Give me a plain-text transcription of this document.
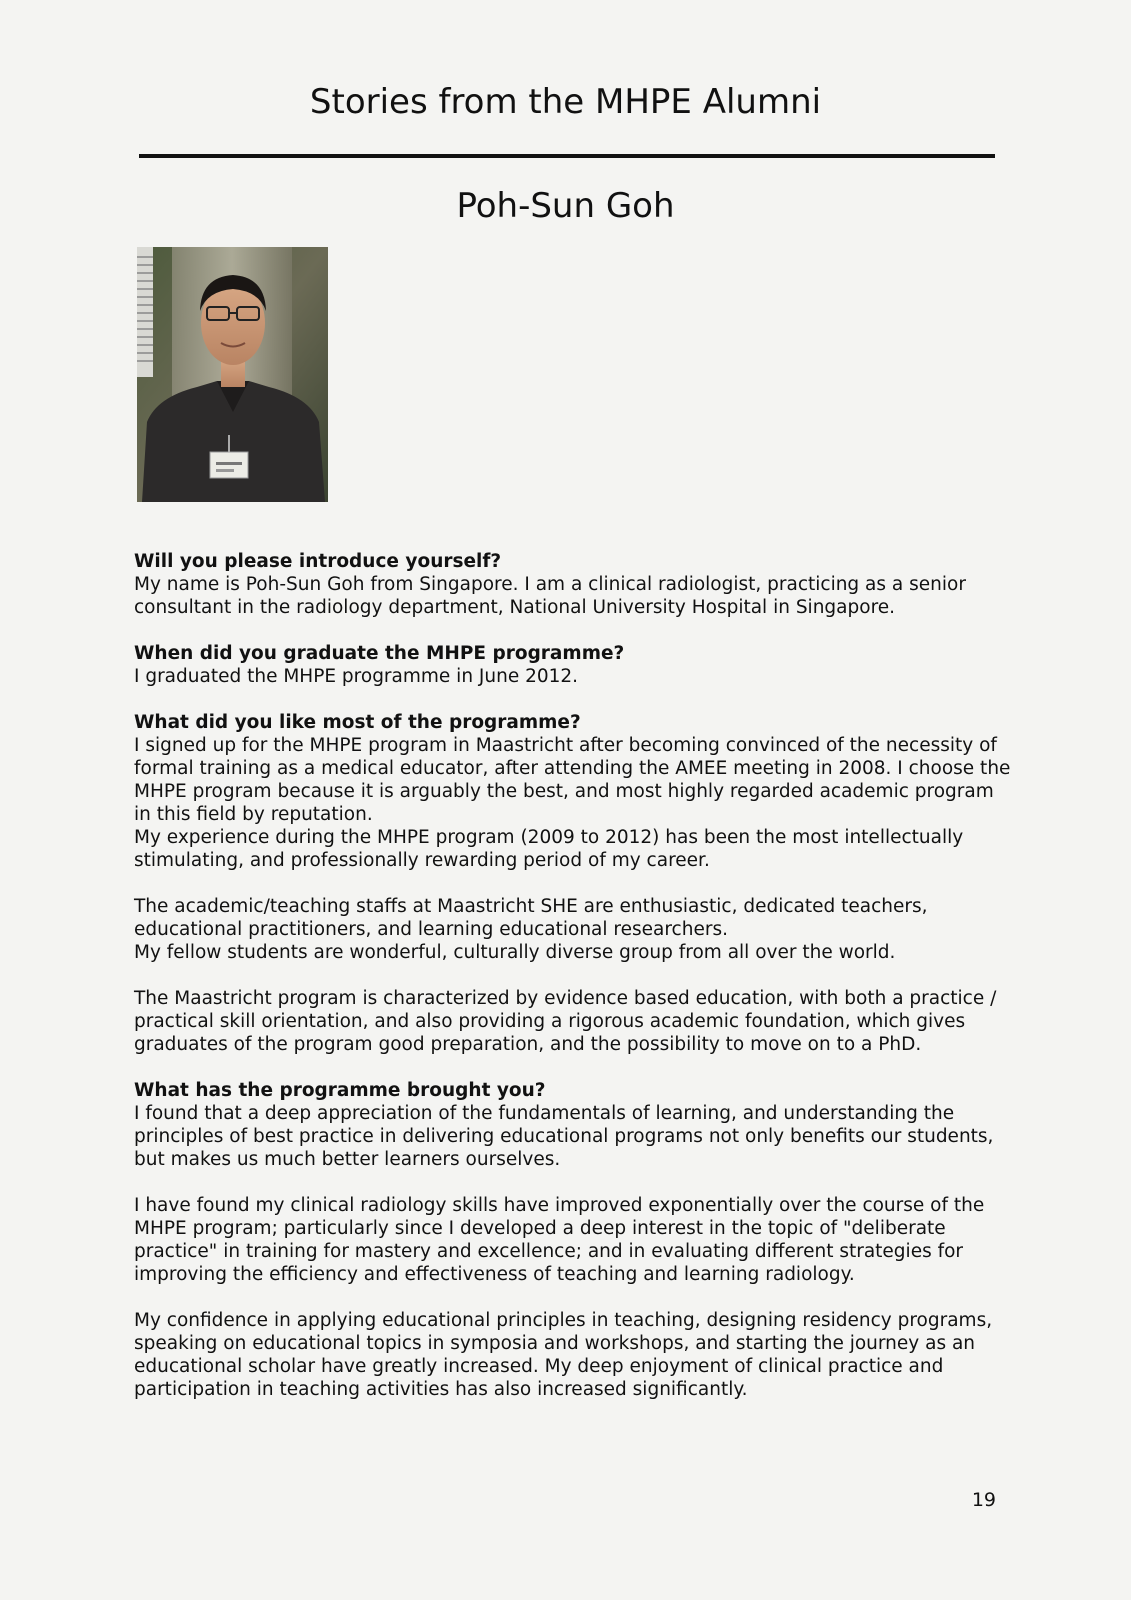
Stories from the MHPE Alumni
Poh-Sun Goh

Will you please introduce yourself?

My name is Poh-Sun Goh from Singapore. I am a clinical radiologist, practicing as a senior consultant in the radiology department, National University Hospital in Singapore.

When did you graduate the MHPE programme?

I graduated the MHPE programme in June 2012.

What did you like most of the programme?

I signed up for the MHPE program in Maastricht after becoming convinced of the necessity of formal training as a medical educator, after attending the AMEE meeting in 2008. I choose the MHPE program because it is arguably the best, and most highly regarded academic program in this field by reputation.

My experience during the MHPE program (2009 to 2012) has been the most intellectually stimulating, and professionally rewarding period of my career.

The academic/teaching staffs at Maastricht SHE are enthusiastic, dedicated teachers, educational practitioners, and learning educational researchers.

My fellow students are wonderful, culturally diverse group from all over the world.

The Maastricht program is characterized by evidence based education, with both a practice / practical skill orientation, and also providing a rigorous academic foundation, which gives graduates of the program good preparation, and the possibility to move on to a PhD.

What has the programme brought you?

I found that a deep appreciation of the fundamentals of learning, and understanding the principles of best practice in delivering educational programs not only benefits our students, but makes us much better learners ourselves.

I have found my clinical radiology skills have improved exponentially over the course of the MHPE program; particularly since I developed a deep interest in the topic of "deliberate practice" in training for mastery and excellence; and in evaluating different strategies for improving the efficiency and effectiveness of teaching and learning radiology.

My confidence in applying educational principles in teaching, designing residency programs, speaking on educational topics in symposia and workshops, and starting the journey as an educational scholar have greatly increased. My deep enjoyment of clinical practice and participation in teaching activities has also increased significantly.

19
